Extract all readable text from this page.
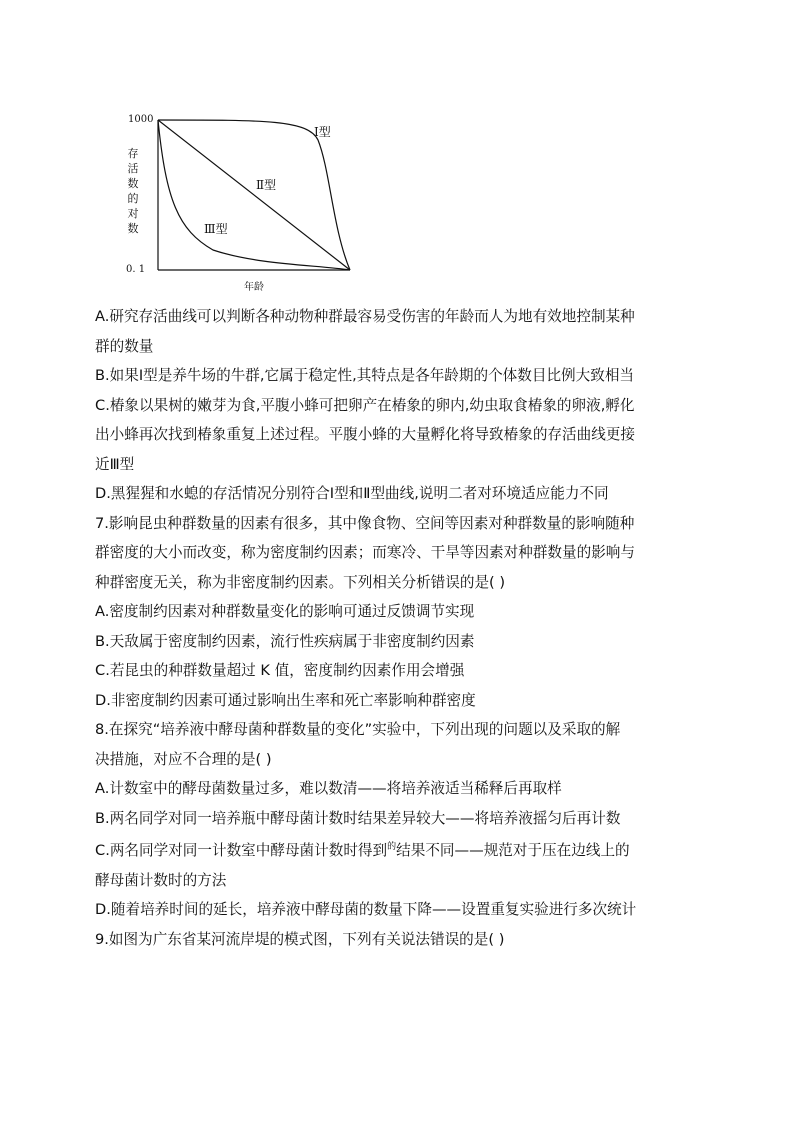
1000
0. 1
存活数的对数
年龄
Ⅰ型
Ⅱ型
Ⅲ型

A.研究存活曲线可以判断各种动物种群最容易受伤害的年龄而人为地有效地控制某种

群的数量

B.如果Ⅰ型是养牛场的牛群,它属于稳定性,其特点是各年龄期的个体数目比例大致相当

C.椿象以果树的嫩芽为食,平腹小蜂可把卵产在椿象的卵内,幼虫取食椿象的卵液,孵化

出小蜂再次找到椿象重复上述过程。平腹小蜂的大量孵化将导致椿象的存活曲线更接

近Ⅲ型

D.黑猩猩和水螅的存活情况分别符合Ⅰ型和Ⅱ型曲线,说明二者对环境适应能力不同

7.影响昆虫种群数量的因素有很多，其中像食物、空间等因素对种群数量的影响随种

群密度的大小而改变，称为密度制约因素；而寒冷、干旱等因素对种群数量的影响与

种群密度无关，称为非密度制约因素。下列相关分析错误的是( )

A.密度制约因素对种群数量变化的影响可通过反馈调节实现

B.天敌属于密度制约因素，流行性疾病属于非密度制约因素

C.若昆虫的种群数量超过 K 值，密度制约因素作用会增强

D.非密度制约因素可通过影响出生率和死亡率影响种群密度

8.在探究“培养液中酵母菌种群数量的变化”实验中，下列出现的问题以及采取的解

决措施，对应不合理的是( )

A.计数室中的酵母菌数量过多，难以数清——将培养液适当稀释后再取样

B.两名同学对同一培养瓶中酵母菌计数时结果差异较大——将培养液摇匀后再计数

C.两名同学对同一计数室中酵母菌计数时得到$^的$结果不同——规范对于压在边线上的

酵母菌计数时的方法

D.随着培养时间的延长，培养液中酵母菌的数量下降——设置重复实验进行多次统计

9.如图为广东省某河流岸堤的模式图，下列有关说法错误的是( )
